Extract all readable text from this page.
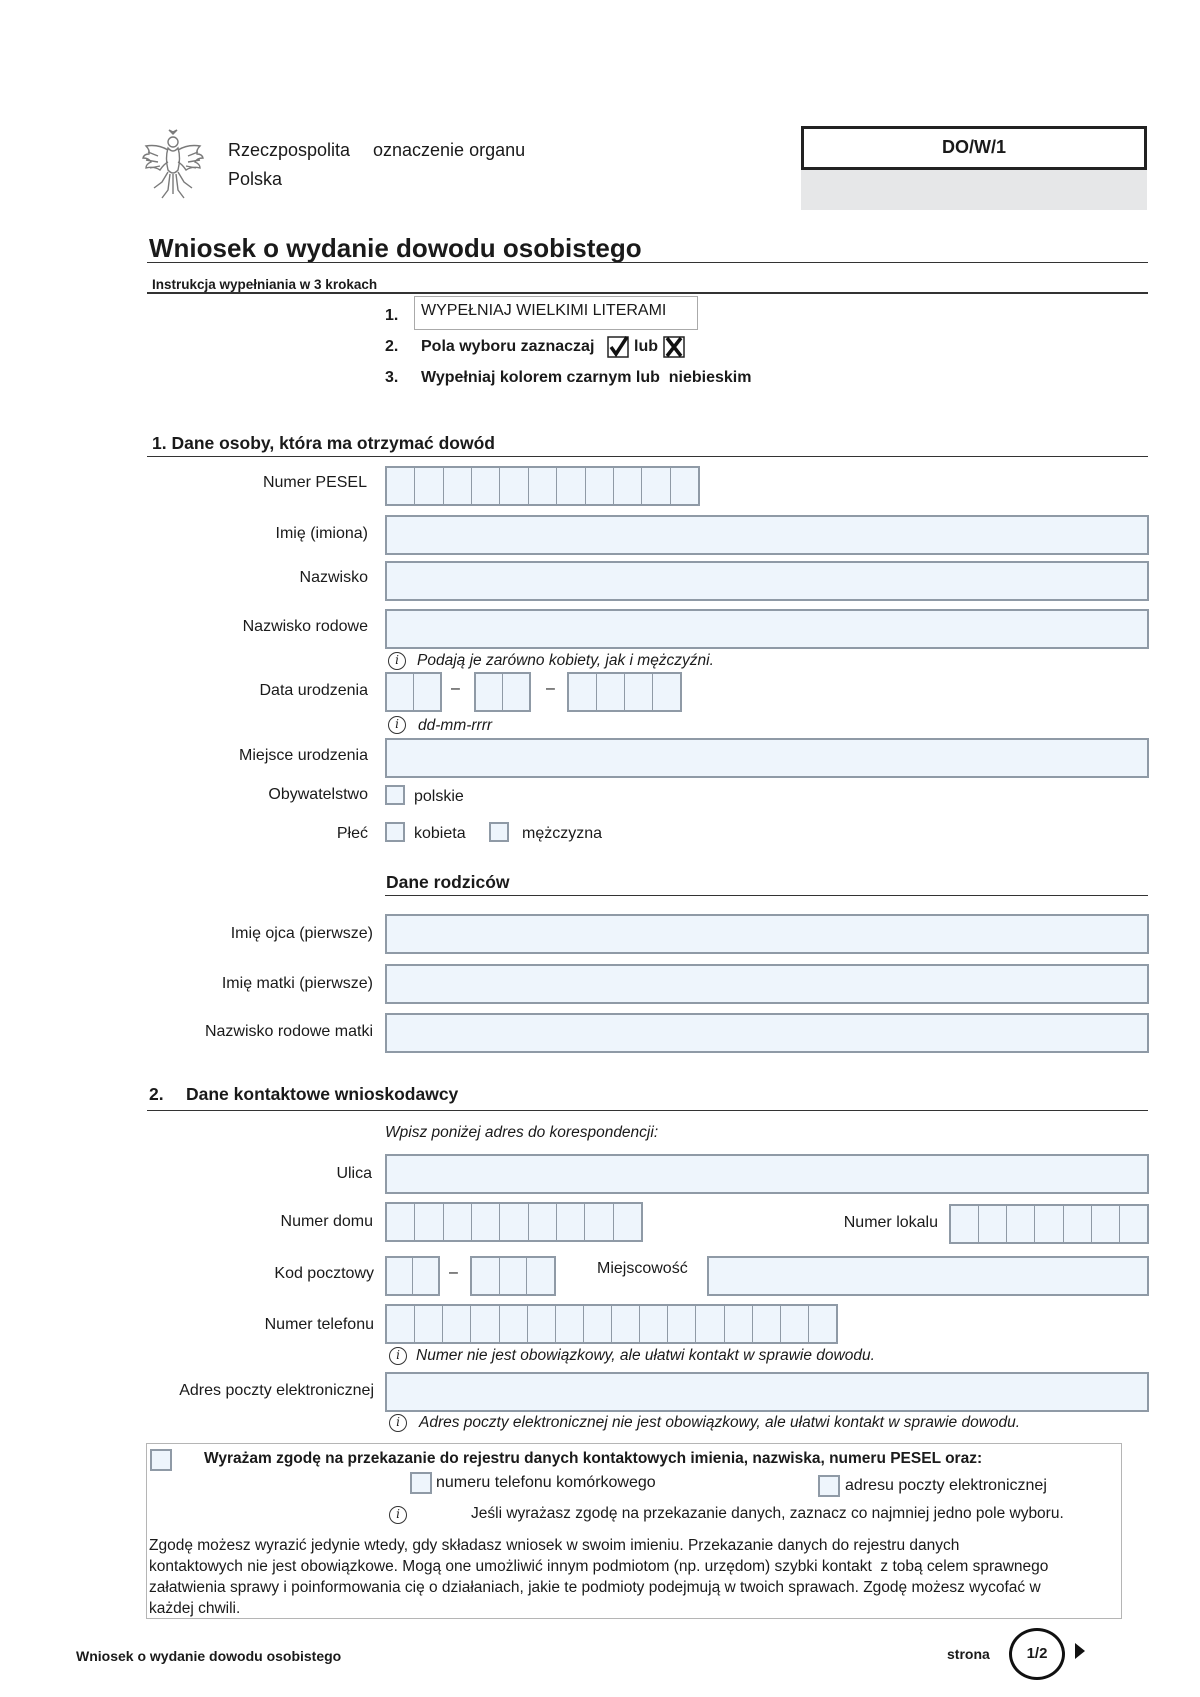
Rzeczpospolita
Polska
oznaczenie organu	DO/W/1
Wniosek o wydanie dowodu osobistego
Instrukcja wypełniania w 3 krokach
1.	WYPEŁNIAJ WIELKIMI LITERAMI
2. Pola wyboru zaznaczaj lub
3. Wypełniaj kolorem czarnym lub  niebieskim
1. Dane osoby, która ma otrzymać dowód
Numer PESEL
Imię (imiona)
Nazwisko
Nazwisko rodowe
i	Podają je zarówno kobiety, jak i mężczyźni.
Data urodzenia	–	–
i	dd-mm-rrrr
Miejsce urodzenia
Obywatelstwo	polskie
Płeć	kobieta	mężczyzna
Dane rodziców
Imię ojca (pierwsze)
Imię matki (pierwsze)
Nazwisko rodowe matki
2. Dane kontaktowe wnioskodawcy
Wpisz poniżej adres do korespondencji:
Ulica
Numer domu	Numer lokalu
Kod pocztowy	–	Miejscowość
Numer telefonu
i	Numer nie jest obowiązkowy, ale ułatwi kontakt w sprawie dowodu.
Adres poczty elektronicznej
i	Adres poczty elektronicznej nie jest obowiązkowy, ale ułatwi kontakt w sprawie dowodu.
Wyrażam zgodę na przekazanie do rejestru danych kontaktowych imienia, nazwiska, numeru PESEL oraz:
numeru telefonu komórkowego	adresu poczty elektronicznej
i	Jeśli wyrażasz zgodę na przekazanie danych, zaznacz co najmniej jedno pole wyboru.
Zgodę możesz wyrazić jedynie wtedy, gdy składasz wniosek w swoim imieniu. Przekazanie danych do rejestru danych kontaktowych nie jest obowiązkowe. Mogą one umożliwić innym podmiotom (np. urzędom) szybki kontakt  z tobą celem sprawnego załatwienia sprawy i poinformowania cię o działaniach, jakie te podmioty podejmują w twoich sprawach. Zgodę możesz wycofać w każdej chwili.
Wniosek o wydanie dowodu osobistego	strona	1/2
